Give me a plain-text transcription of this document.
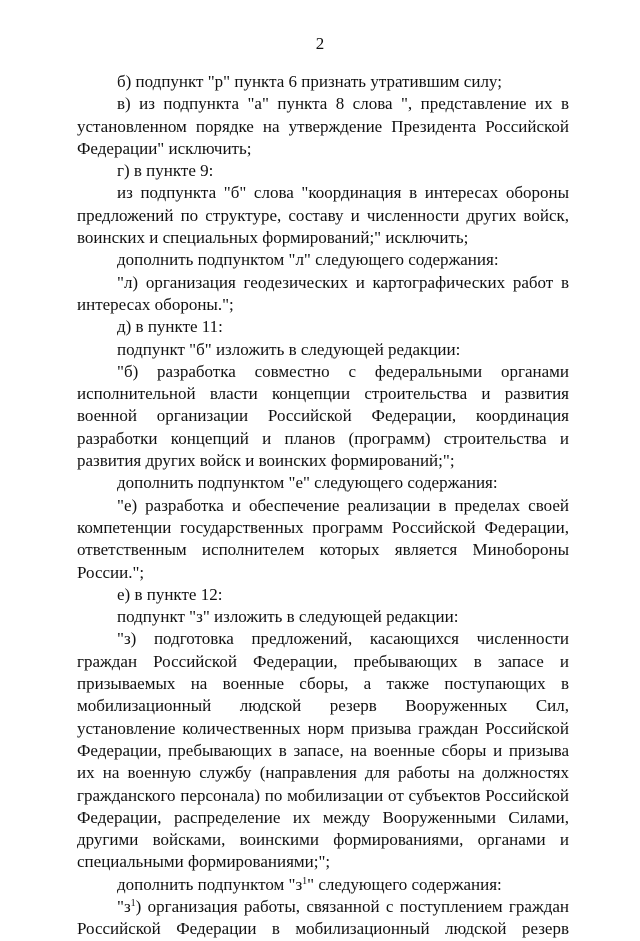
2

б) подпункт "р" пункта 6 признать утратившим силу;

в) из подпункта "а" пункта 8 слова ", представление их в установленном порядке на утверждение Президента Российской Федерации" исключить;

г) в пункте 9:

из подпункта "б" слова "координация в интересах обороны предложений по структуре, составу и численности других войск, воинских и специальных формирований;" исключить;

дополнить подпунктом "л" следующего содержания:

"л) организация геодезических и картографических работ в интересах обороны.";

д) в пункте 11:

подпункт "б" изложить в следующей редакции:

"б) разработка совместно с федеральными органами исполнительной власти концепции строительства и развития военной организации Российской Федерации, координация разработки концепций и планов (программ) строительства и развития других войск и воинских формирований;";

дополнить подпунктом "е" следующего содержания:

"е) разработка и обеспечение реализации в пределах своей компетенции государственных программ Российской Федерации, ответственным исполнителем которых является Минобороны России.";

е) в пункте 12:

подпункт "з" изложить в следующей редакции:

"з) подготовка предложений, касающихся численности граждан Российской Федерации, пребывающих в запасе и призываемых на военные сборы, а также поступающих в мобилизационный людской резерв Вооруженных Сил, установление количественных норм призыва граждан Российской Федерации, пребывающих в запасе, на военные сборы и призыва их на военную службу (направления для работы на должностях гражданского персонала) по мобилизации от субъектов Российской Федерации, распределение их между Вооруженными Силами, другими войсками, воинскими формированиями, органами и специальными формированиями;";

дополнить подпунктом "$з^1$" следующего содержания:

"$з^1$) организация работы, связанной с поступлением граждан Российской Федерации в мобилизационный людской резерв
